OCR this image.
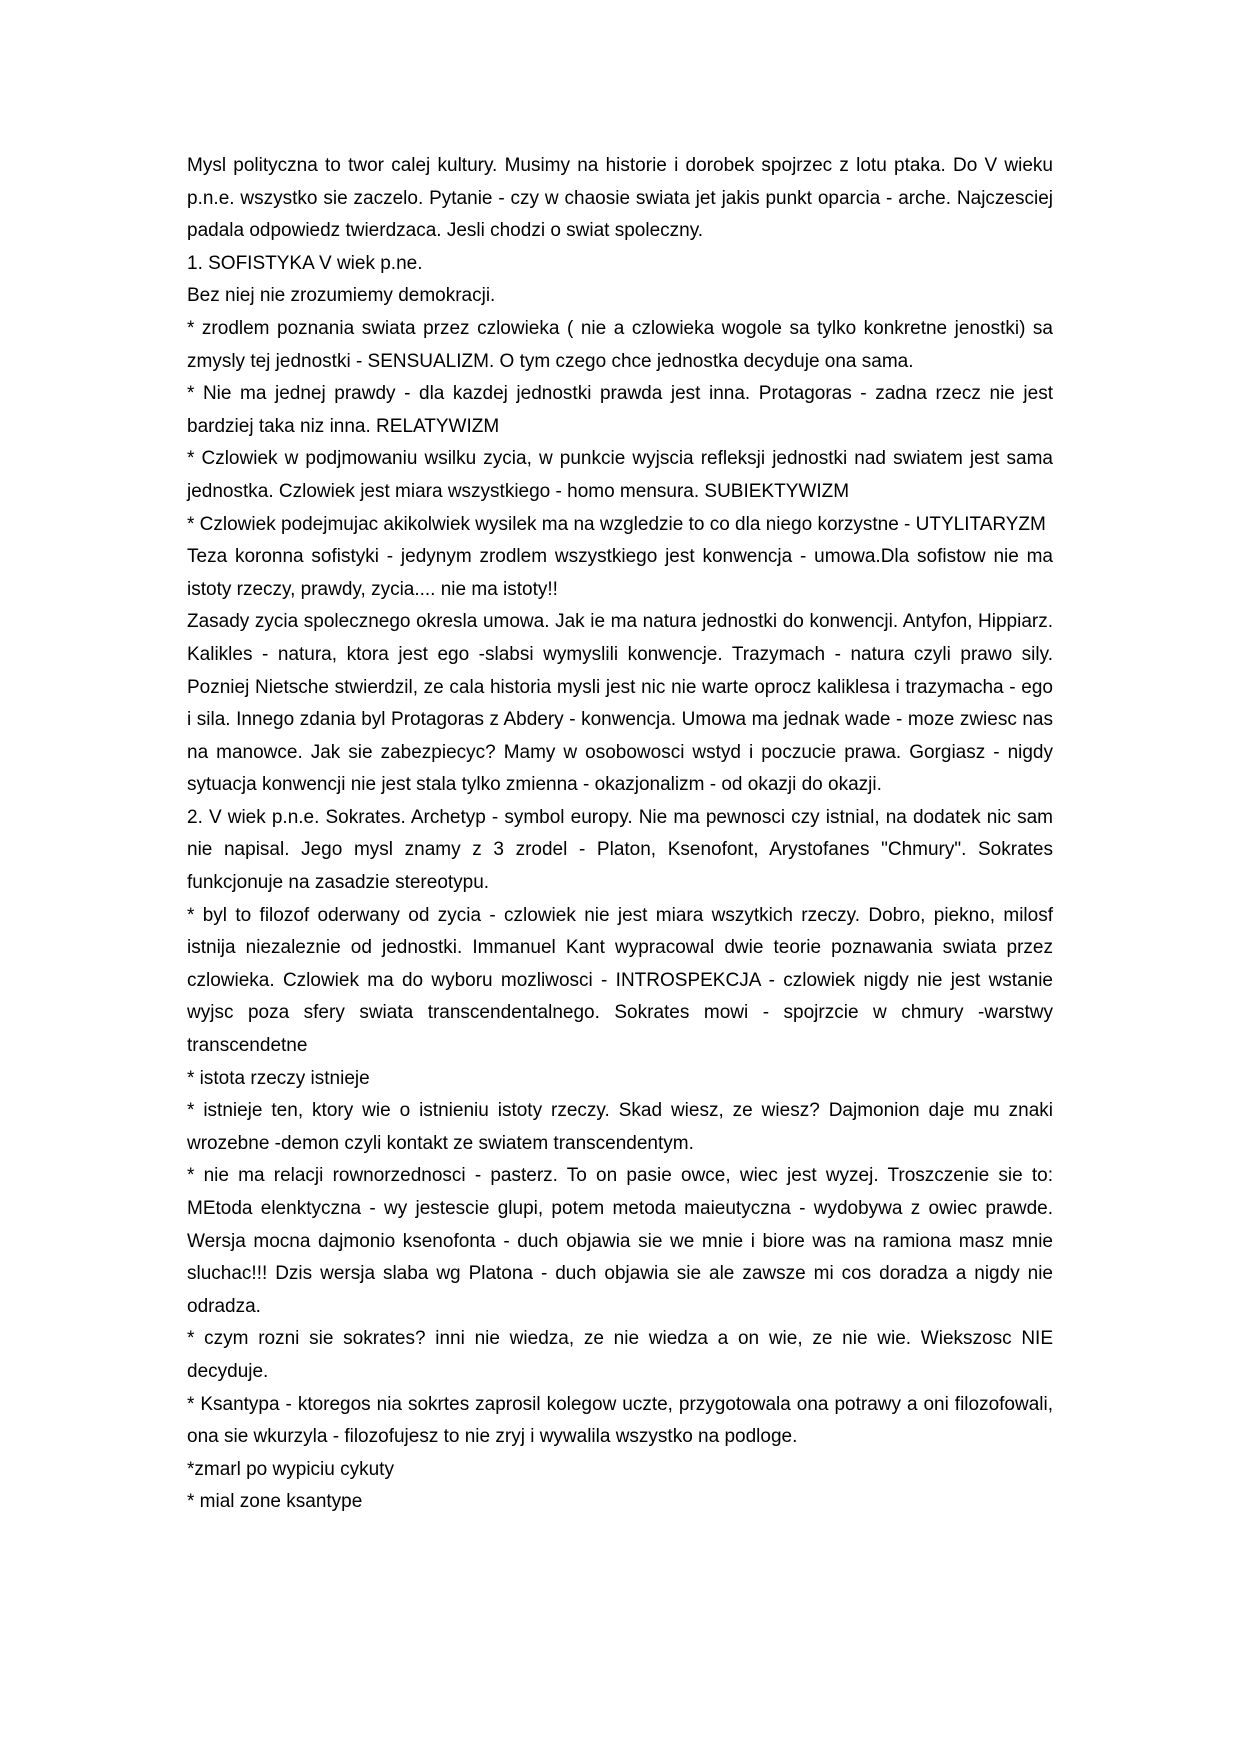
Mysl polityczna to twor calej kultury. Musimy na historie i dorobek spojrzec z lotu ptaka. Do V wieku p.n.e. wszystko sie zaczelo. Pytanie - czy w chaosie swiata jet jakis punkt oparcia - arche. Najczesciej padala odpowiedz twierdzaca. Jesli chodzi o swiat spoleczny.

1. SOFISTYKA V wiek p.ne.

Bez niej nie zrozumiemy demokracji.

* zrodlem poznania swiata przez czlowieka ( nie a czlowieka wogole sa tylko konkretne jenostki) sa zmysly tej jednostki - SENSUALIZM. O tym czego chce jednostka decyduje ona sama.

* Nie ma jednej prawdy - dla kazdej jednostki prawda jest inna. Protagoras - zadna rzecz nie jest bardziej taka niz inna. RELATYWIZM

* Czlowiek w podjmowaniu wsilku zycia, w punkcie wyjscia refleksji jednostki nad swiatem jest sama jednostka. Czlowiek jest miara wszystkiego - homo mensura. SUBIEKTYWIZM

* Czlowiek podejmujac akikolwiek wysilek ma na wzgledzie to co dla niego korzystne - UTYLITARYZM

Teza koronna sofistyki - jedynym zrodlem wszystkiego jest konwencja - umowa.Dla sofistow nie ma istoty rzeczy, prawdy, zycia.... nie ma istoty!!

Zasady zycia spolecznego okresla umowa. Jak ie ma natura jednostki do konwencji. Antyfon, Hippiarz. Kalikles - natura, ktora jest ego -slabsi wymyslili konwencje. Trazymach - natura czyli prawo sily. Pozniej Nietsche stwierdzil, ze cala historia mysli jest nic nie warte oprocz kaliklesa i trazymacha - ego i sila. Innego zdania byl Protagoras z Abdery - konwencja. Umowa ma jednak wade - moze zwiesc nas na manowce. Jak sie zabezpiecyc? Mamy w osobowosci wstyd i poczucie prawa. Gorgiasz - nigdy sytuacja konwencji nie jest stala tylko zmienna - okazjonalizm - od okazji do okazji.

2. V wiek p.n.e. Sokrates. Archetyp - symbol europy. Nie ma pewnosci czy istnial, na dodatek nic sam nie napisal. Jego mysl znamy z 3 zrodel - Platon, Ksenofont, Arystofanes "Chmury". Sokrates funkcjonuje na zasadzie stereotypu.

* byl to filozof oderwany od zycia - czlowiek nie jest miara wszytkich rzeczy. Dobro, piekno, milosf istnija niezaleznie od jednostki. Immanuel Kant wypracowal dwie teorie poznawania swiata przez czlowieka. Czlowiek ma do wyboru mozliwosci - INTROSPEKCJA - czlowiek nigdy nie jest wstanie wyjsc poza sfery swiata transcendentalnego. Sokrates mowi - spojrzcie w chmury -warstwy transcendetne

* istota rzeczy istnieje

* istnieje ten, ktory wie o istnieniu istoty rzeczy. Skad wiesz, ze wiesz? Dajmonion daje mu znaki wrozebne -demon czyli kontakt ze swiatem transcendentym.

* nie ma relacji rownorzednosci - pasterz. To on pasie owce, wiec jest wyzej. Troszczenie sie to: MEtoda elenktyczna - wy jestescie glupi, potem metoda maieutyczna - wydobywa z owiec prawde. Wersja mocna dajmonio ksenofonta - duch objawia sie we mnie i biore was na ramiona masz mnie sluchac!!! Dzis wersja slaba wg Platona - duch objawia sie ale zawsze mi cos doradza a nigdy nie odradza.

* czym rozni sie sokrates? inni nie wiedza, ze nie wiedza a on wie, ze nie wie. Wiekszosc NIE decyduje.

* Ksantypa - ktoregos nia sokrtes zaprosil kolegow uczte, przygotowala ona potrawy a oni filozofowali, ona sie wkurzyla - filozofujesz to nie zryj i wywalila wszystko na podloge.

*zmarl po wypiciu cykuty

* mial zone ksantype
